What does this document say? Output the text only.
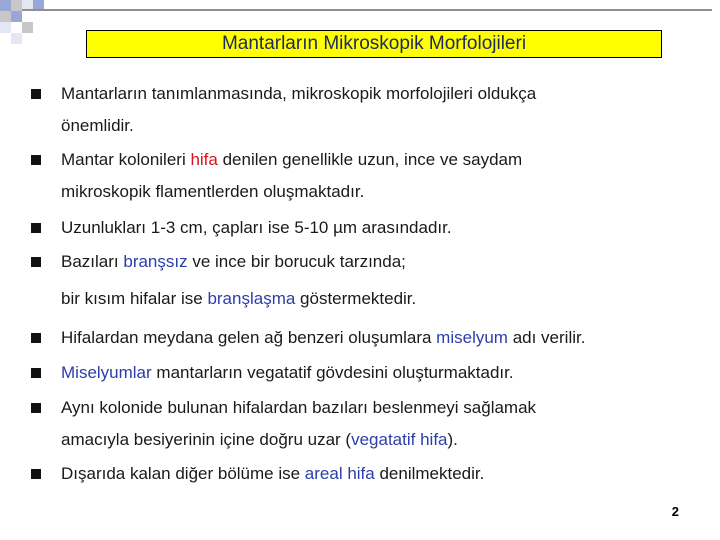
Mantarların Mikroskopik Morfolojileri
Mantarların tanımlanmasında, mikroskopik morfolojileri oldukça
önemlidir.
Mantar kolonileri hifa denilen genellikle uzun, ince ve saydam
mikroskopik flamentlerden oluşmaktadır.
Uzunlukları 1-3 cm, çapları ise 5-10 µm arasındadır.
Bazıları branşsız ve ince bir borucuk tarzında;
bir kısım hifalar ise branşlaşma göstermektedir.
Hifalardan meydana gelen ağ benzeri oluşumlara miselyum adı verilir.
Miselyumlar mantarların vegatatif gövdesini oluşturmaktadır.
Aynı kolonide bulunan hifalardan bazıları beslenmeyi sağlamak
amacıyla besiyerinin içine doğru uzar (vegatatif hifa).
Dışarıda kalan diğer bölüme ise areal hifa denilmektedir.
2
